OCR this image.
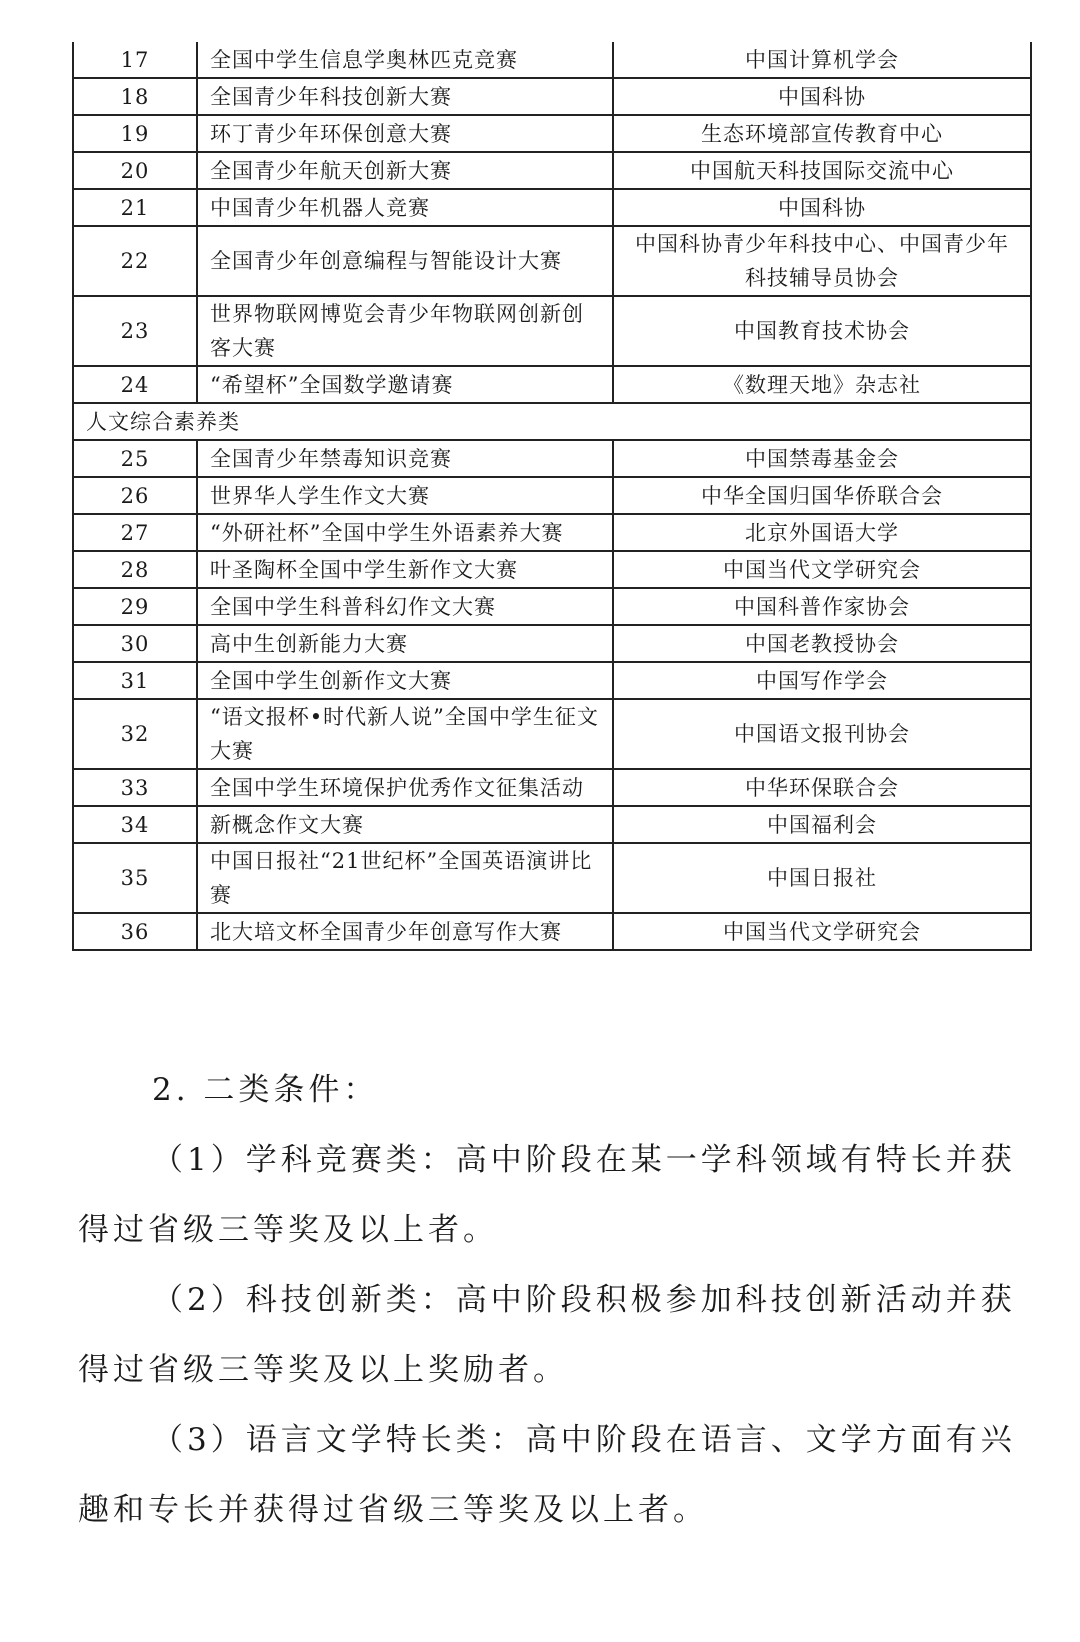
17	全国中学生信息学奥林匹克竞赛	中国计算机学会
18	全国青少年科技创新大赛	中国科协
19	环丁青少年环保创意大赛	生态环境部宣传教育中心
20	全国青少年航天创新大赛	中国航天科技国际交流中心
21	中国青少年机器人竞赛	中国科协
22	全国青少年创意编程与智能设计大赛	中国科协青少年科技中心、中国青少年科技辅导员协会
23	世界物联网博览会青少年物联网创新创客大赛	中国教育技术协会
24	“希望杯”全国数学邀请赛	《数理天地》杂志社
人文综合素养类		
25	全国青少年禁毒知识竞赛	中国禁毒基金会
26	世界华人学生作文大赛	中华全国归国华侨联合会
27	“外研社杯”全国中学生外语素养大赛	北京外国语大学
28	叶圣陶杯全国中学生新作文大赛	中国当代文学研究会
29	全国中学生科普科幻作文大赛	中国科普作家协会
30	高中生创新能力大赛	中国老教授协会
31	全国中学生创新作文大赛	中国写作学会
32	“语文报杯•时代新人说”全国中学生征文大赛	中国语文报刊协会
33	全国中学生环境保护优秀作文征集活动	中华环保联合会
34	新概念作文大赛	中国福利会
35	中国日报社“21世纪杯”全国英语演讲比赛	中国日报社
36	北大培文杯全国青少年创意写作大赛	中国当代文学研究会

2. 二类条件：

（1）学科竞赛类：高中阶段在某一学科领域有特长并获得过省级三等奖及以上者。

（2）科技创新类：高中阶段积极参加科技创新活动并获得过省级三等奖及以上奖励者。

（3）语言文学特长类：高中阶段在语言、文学方面有兴趣和专长并获得过省级三等奖及以上者。
